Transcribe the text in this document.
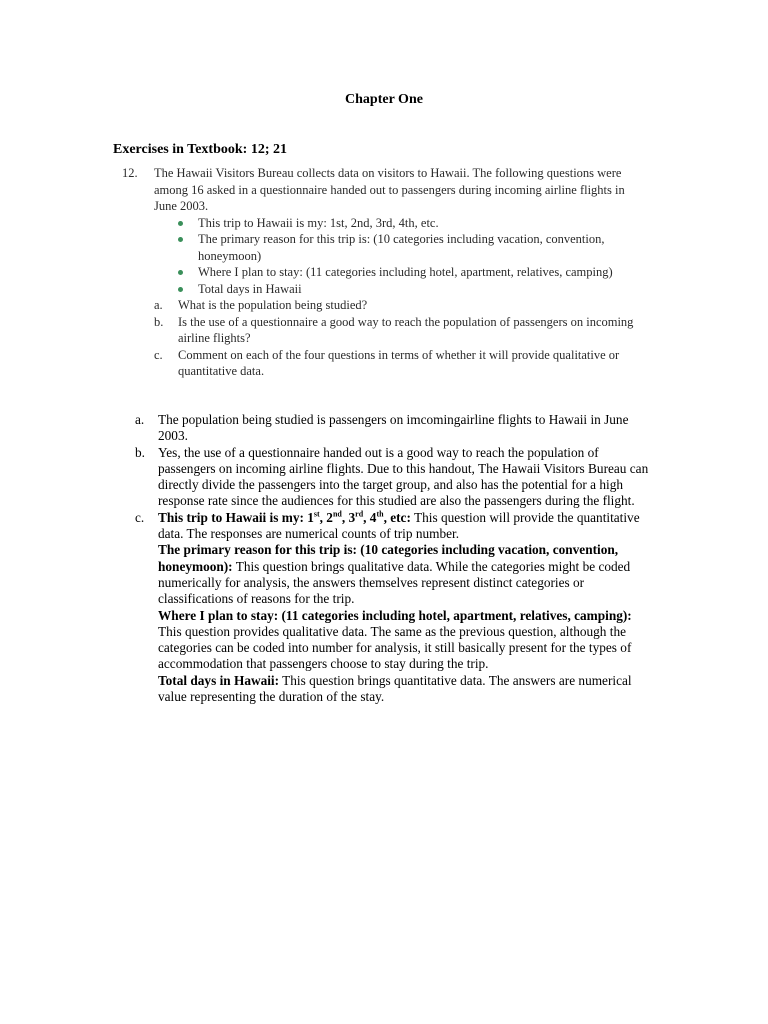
Chapter One
Exercises in Textbook: 12; 21
12. The Hawaii Visitors Bureau collects data on visitors to Hawaii. The following questions were among 16 asked in a questionnaire handed out to passengers during incoming airline flights in June 2003.
This trip to Hawaii is my: 1st, 2nd, 3rd, 4th, etc.
The primary reason for this trip is: (10 categories including vacation, convention, honeymoon)
Where I plan to stay: (11 categories including hotel, apartment, relatives, camping)
Total days in Hawaii
a. What is the population being studied?
b. Is the use of a questionnaire a good way to reach the population of passengers on incoming airline flights?
c. Comment on each of the four questions in terms of whether it will provide qualitative or quantitative data.
a. The population being studied is passengers on imcomingairline flights to Hawaii in June 2003.
b. Yes, the use of a questionnaire handed out is a good way to reach the population of passengers on incoming airline flights. Due to this handout, The Hawaii Visitors Bureau can directly divide the passengers into the target group, and also has the potential for a high response rate since the audiences for this studied are also the passengers during the flight.
c. This trip to Hawaii is my: 1st, 2nd, 3rd, 4th, etc: This question will provide the quantitative data. The responses are numerical counts of trip number.
The primary reason for this trip is: (10 categories including vacation, convention, honeymoon): This question brings qualitative data. While the categories might be coded numerically for analysis, the answers themselves represent distinct categories or classifications of reasons for the trip.
Where I plan to stay: (11 categories including hotel, apartment, relatives, camping): This question provides qualitative data. The same as the previous question, although the categories can be coded into number for analysis, it still basically present for the types of accommodation that passengers choose to stay during the trip.
Total days in Hawaii: This question brings quantitative data. The answers are numerical value representing the duration of the stay.
